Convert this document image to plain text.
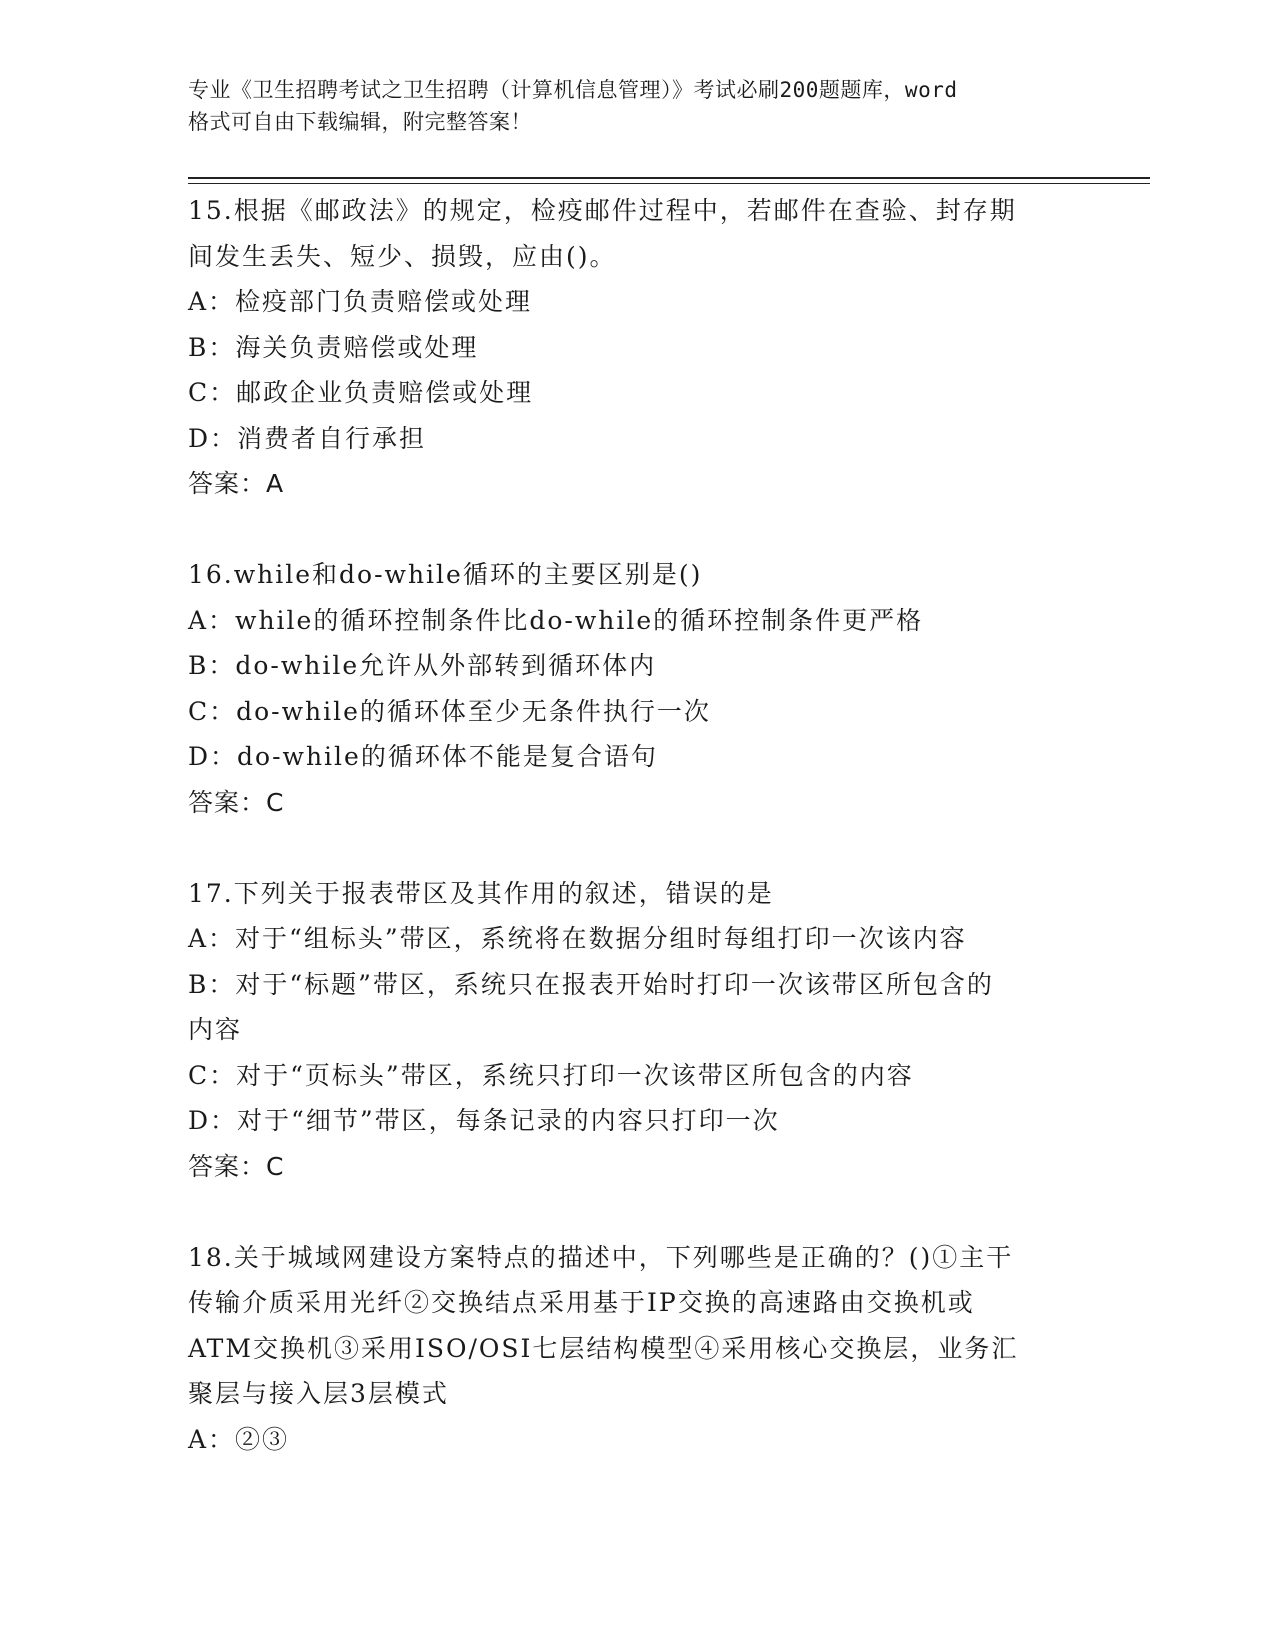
专业《卫生招聘考试之卫生招聘（计算机信息管理）》考试必刷200题题库，word
格式可自由下载编辑，附完整答案！
15.根据《邮政法》的规定，检疫邮件过程中，若邮件在查验、封存期
间发生丢失、短少、损毁，应由()。
A：检疫部门负责赔偿或处理
B：海关负责赔偿或处理
C：邮政企业负责赔偿或处理
D：消费者自行承担
答案：A
16.while和do-while循环的主要区别是()
A：while的循环控制条件比do-while的循环控制条件更严格
B：do-while允许从外部转到循环体内
C：do-while的循环体至少无条件执行一次
D：do-while的循环体不能是复合语句
答案：C
17.下列关于报表带区及其作用的叙述，错误的是
A：对于“组标头”带区，系统将在数据分组时每组打印一次该内容
B：对于“标题”带区，系统只在报表开始时打印一次该带区所包含的
内容
C：对于“页标头”带区，系统只打印一次该带区所包含的内容
D：对于“细节”带区，每条记录的内容只打印一次
答案：C
18.关于城域网建设方案特点的描述中，下列哪些是正确的？()①主干
传输介质采用光纤②交换结点采用基于IP交换的高速路由交换机或
ATM交换机③采用ISO/OSI七层结构模型④采用核心交换层，业务汇
聚层与接入层3层模式
A：②③
